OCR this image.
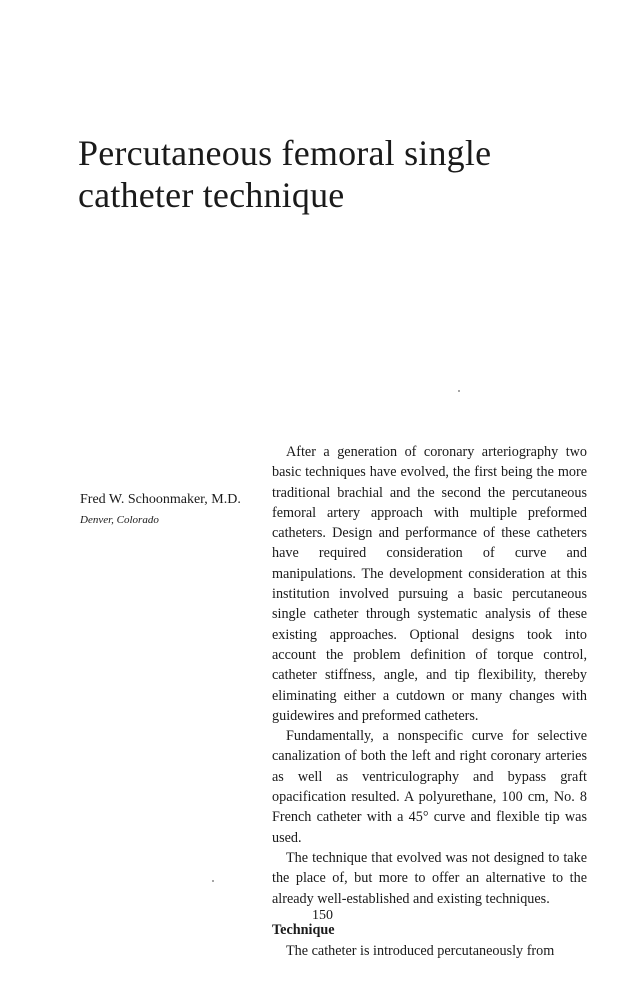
Percutaneous femoral single catheter technique
Fred W. Schoonmaker, M.D.
Denver, Colorado

After a generation of coronary arteriography two basic techniques have evolved, the first being the more traditional brachial and the second the percutaneous femoral artery approach with multiple preformed catheters. Design and performance of these catheters have required consideration of curve and manipulations. The development consideration at this institution involved pursuing a basic percutaneous single catheter through systematic analysis of these existing approaches. Optional designs took into account the problem definition of torque control, catheter stiffness, angle, and tip flexibility, thereby eliminating either a cutdown or many changes with guidewires and preformed catheters.

Fundamentally, a nonspecific curve for selective canalization of both the left and right coronary arteries as well as ventriculography and bypass graft opacification resulted. A polyurethane, 100 cm, No. 8 French catheter with a 45° curve and flexible tip was used.

The technique that evolved was not designed to take the place of, but more to offer an alternative to the already well-established and existing techniques.

Technique

The catheter is introduced percutaneously from

150
